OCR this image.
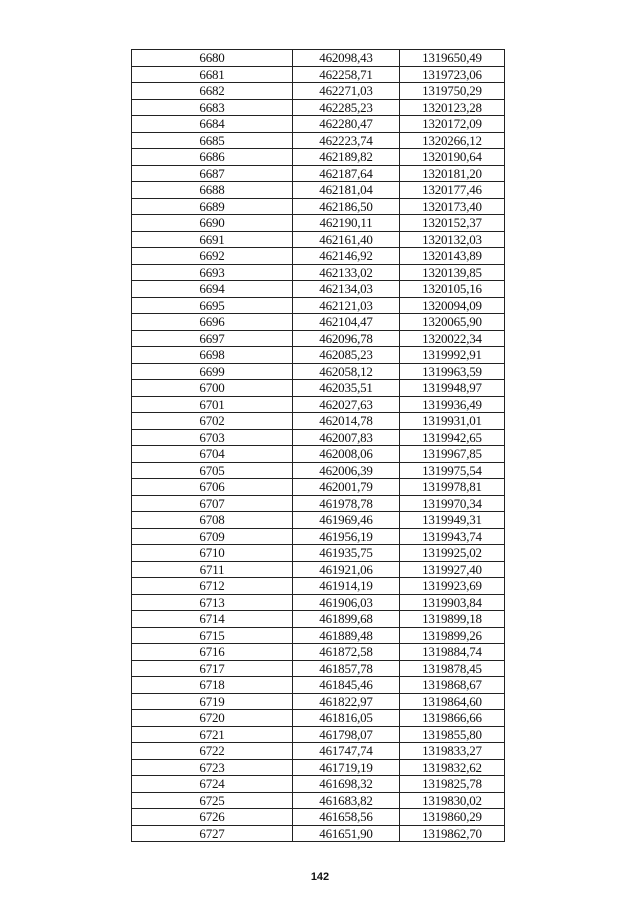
6680	462098,43	1319650,49
6681	462258,71	1319723,06
6682	462271,03	1319750,29
6683	462285,23	1320123,28
6684	462280,47	1320172,09
6685	462223,74	1320266,12
6686	462189,82	1320190,64
6687	462187,64	1320181,20
6688	462181,04	1320177,46
6689	462186,50	1320173,40
6690	462190,11	1320152,37
6691	462161,40	1320132,03
6692	462146,92	1320143,89
6693	462133,02	1320139,85
6694	462134,03	1320105,16
6695	462121,03	1320094,09
6696	462104,47	1320065,90
6697	462096,78	1320022,34
6698	462085,23	1319992,91
6699	462058,12	1319963,59
6700	462035,51	1319948,97
6701	462027,63	1319936,49
6702	462014,78	1319931,01
6703	462007,83	1319942,65
6704	462008,06	1319967,85
6705	462006,39	1319975,54
6706	462001,79	1319978,81
6707	461978,78	1319970,34
6708	461969,46	1319949,31
6709	461956,19	1319943,74
6710	461935,75	1319925,02
6711	461921,06	1319927,40
6712	461914,19	1319923,69
6713	461906,03	1319903,84
6714	461899,68	1319899,18
6715	461889,48	1319899,26
6716	461872,58	1319884,74
6717	461857,78	1319878,45
6718	461845,46	1319868,67
6719	461822,97	1319864,60
6720	461816,05	1319866,66
6721	461798,07	1319855,80
6722	461747,74	1319833,27
6723	461719,19	1319832,62
6724	461698,32	1319825,78
6725	461683,82	1319830,02
6726	461658,56	1319860,29
6727	461651,90	1319862,70
142
